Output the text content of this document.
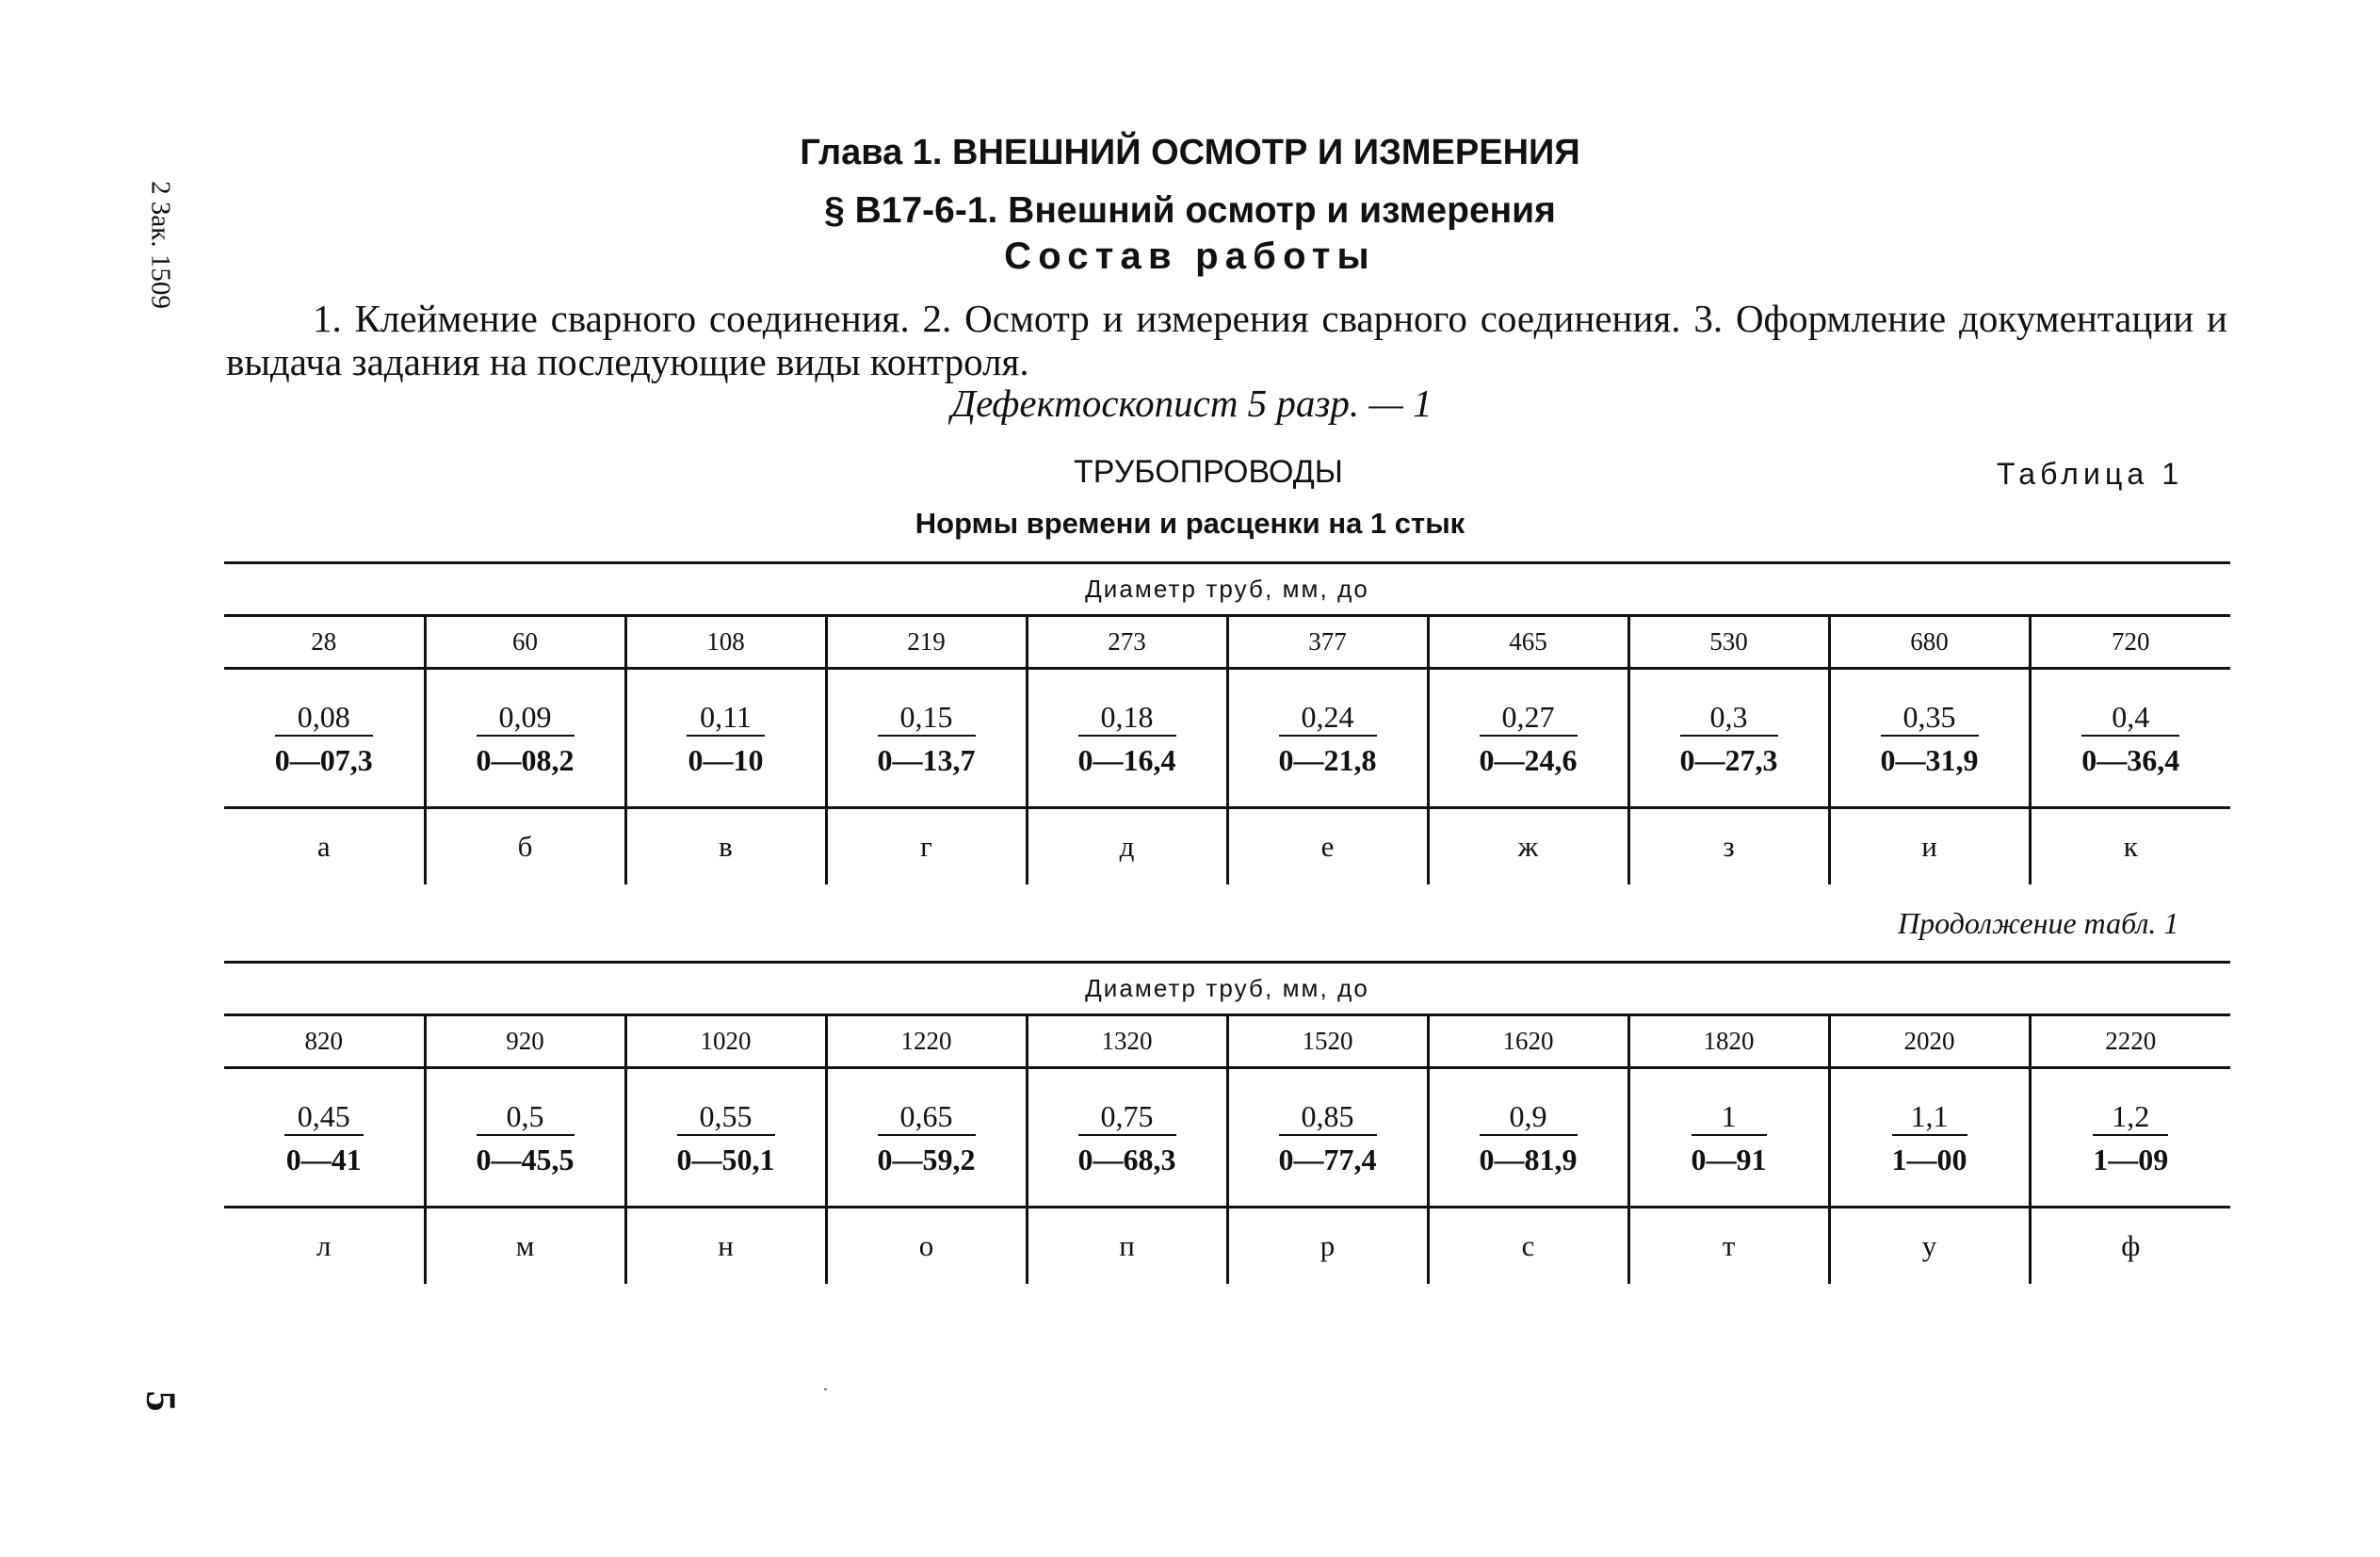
2 Зак. 1509
5
Глава 1. ВНЕШНИЙ ОСМОТР И ИЗМЕРЕНИЯ
§ В17-6-1. Внешний осмотр и измерения
Состав работы
1. Клеймение сварного соединения. 2. Осмотр и измерения сварного соединения. 3. Оформление документации и выдача задания на последующие виды контроля.
Дефектоскопист 5 разр. — 1
ТРУБОПРОВОДЫ	Таблица 1
Нормы времени и расценки на 1 стык
Диаметр труб, мм, до									
28	60	108	219	273	377	465	530	680	720

$\frac{0,08}{0—07,3}$	$\frac{0,09}{0—08,2}$	$\frac{0,11}{0—10}$	$\frac{0,15}{0—13,7}$	$\frac{0,18}{0—16,4}$	$\frac{0,24}{0—21,8}$	$\frac{0,27}{0—24,6}$	$\frac{0,3}{0—27,3}$	$\frac{0,35}{0—31,9}$	$\frac{0,4}{0—36,4}$

а	б	в	г	д	е	ж	з	и	к
Продолжение табл. 1
Диаметр труб, мм, до									
820	920	1020	1220	1320	1520	1620	1820	2020	2220

$\frac{0,45}{0—41}$	$\frac{0,5}{0—45,5}$	$\frac{0,55}{0—50,1}$	$\frac{0,65}{0—59,2}$	$\frac{0,75}{0—68,3}$	$\frac{0,85}{0—77,4}$	$\frac{0,9}{0—81,9}$	$\frac{1}{0—91}$	$\frac{1,1}{1—00}$	$\frac{1,2}{1—09}$

л	м	н	о	п	р	с	т	у	ф
